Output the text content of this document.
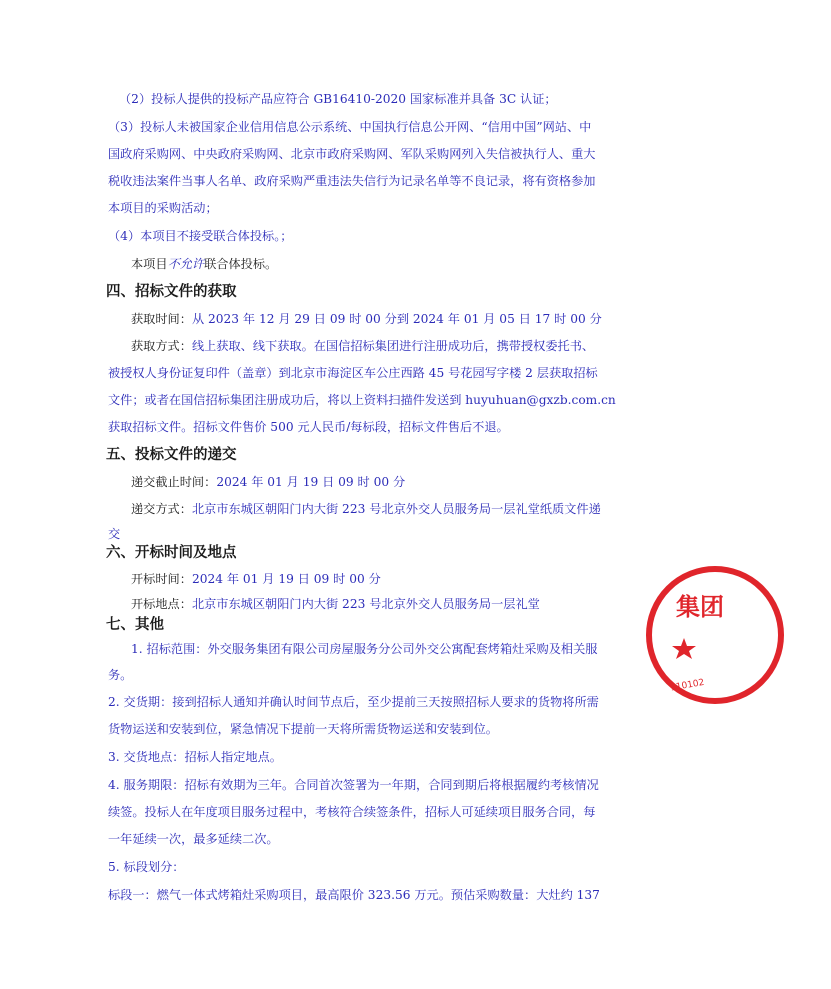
（2）投标人提供的投标产品应符合 GB16410-2020 国家标准并具备 3C 认证；
（3）投标人未被国家企业信用信息公示系统、中国执行信息公开网、“信用中国”网站、中
国政府采购网、中央政府采购网、北京市政府采购网、军队采购网列入失信被执行人、重大
税收违法案件当事人名单、政府采购严重违法失信行为记录名单等不良记录，将有资格参加
本项目的采购活动；
（4）本项目不接受联合体投标。；
本项目不允许联合体投标。
四、招标文件的获取
获取时间：从 2023 年 12 月 29 日 09 时 00 分到 2024 年 01 月 05 日 17 时 00 分
获取方式：线上获取、线下获取。在国信招标集团进行注册成功后，携带授权委托书、
被授权人身份证复印件（盖章）到北京市海淀区车公庄西路 45 号花园写字楼 2 层获取招标
文件；或者在国信招标集团注册成功后，将以上资料扫描件发送到 huyuhuan@gxzb.com.cn
获取招标文件。招标文件售价 500 元人民币/每标段，招标文件售后不退。
五、投标文件的递交
递交截止时间：2024 年 01 月 19 日 09 时 00 分
递交方式：北京市东城区朝阳门内大街 223 号北京外交人员服务局一层礼堂纸质文件递
交
六、开标时间及地点
开标时间：2024 年 01 月 19 日 09 时 00 分
开标地点：北京市东城区朝阳门内大街 223 号北京外交人员服务局一层礼堂
七、其他
1. 招标范围：外交服务集团有限公司房屋服务分公司外交公寓配套烤箱灶采购及相关服
务。
2. 交货期：接到招标人通知并确认时间节点后，至少提前三天按照招标人要求的货物将所需
货物运送和安装到位，紧急情况下提前一天将所需货物运送和安装到位。
3. 交货地点：招标人指定地点。
4. 服务期限：招标有效期为三年。合同首次签署为一年期，合同到期后将根据履约考核情况
续签。投标人在年度项目服务过程中，考核符合续签条件，招标人可延续项目服务合同，每
一年延续一次，最多延续二次。
5. 标段划分：
标段一：燃气一体式烤箱灶采购项目，最高限价 323.56 万元。预估采购数量：大灶约 137
集团
110102
